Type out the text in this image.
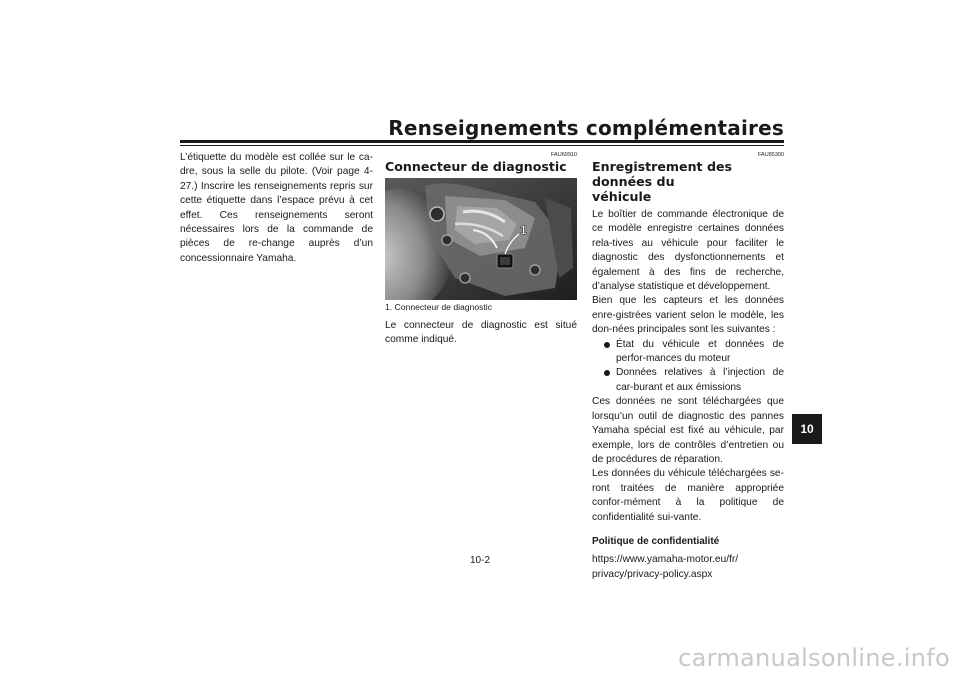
Renseignements complémentaires

L’étiquette du modèle est collée sur le ca-dre, sous la selle du pilote. (Voir page 4-27.) Inscrire les renseignements repris sur cette étiquette dans l’espace prévu à cet effet. Ces renseignements seront nécessaires lors de la commande de pièces de re-change auprès d’un concessionnaire Yamaha.

FAU69910
Connecteur de diagnostic
1
1. Connecteur de diagnostic

Le connecteur de diagnostic est situé comme indiqué.

FAU85300
Enregistrement des données du
véhicule

Le boîtier de commande électronique de ce modèle enregistre certaines données rela-tives au véhicule pour faciliter le diagnostic des dysfonctionnements et également à des fins de recherche, d’analyse statistique et développement.

Bien que les capteurs et les données enre-gistrées varient selon le modèle, les don-nées principales sont les suivantes :

État du véhicule et données de perfor-mances du moteur
Données relatives à l’injection de car-burant et aux émissions

Ces données ne sont téléchargées que lorsqu’un outil de diagnostic des pannes Yamaha spécial est fixé au véhicule, par exemple, lors de contrôles d’entretien ou de procédures de réparation.

Les données du véhicule téléchargées se-ront traitées de manière appropriée confor-mément à la politique de confidentialité sui-vante.

Politique de confidentialité

https://www.yamaha-motor.eu/fr/

privacy/privacy-policy.aspx

10
10-2
carmanualsonline.info
